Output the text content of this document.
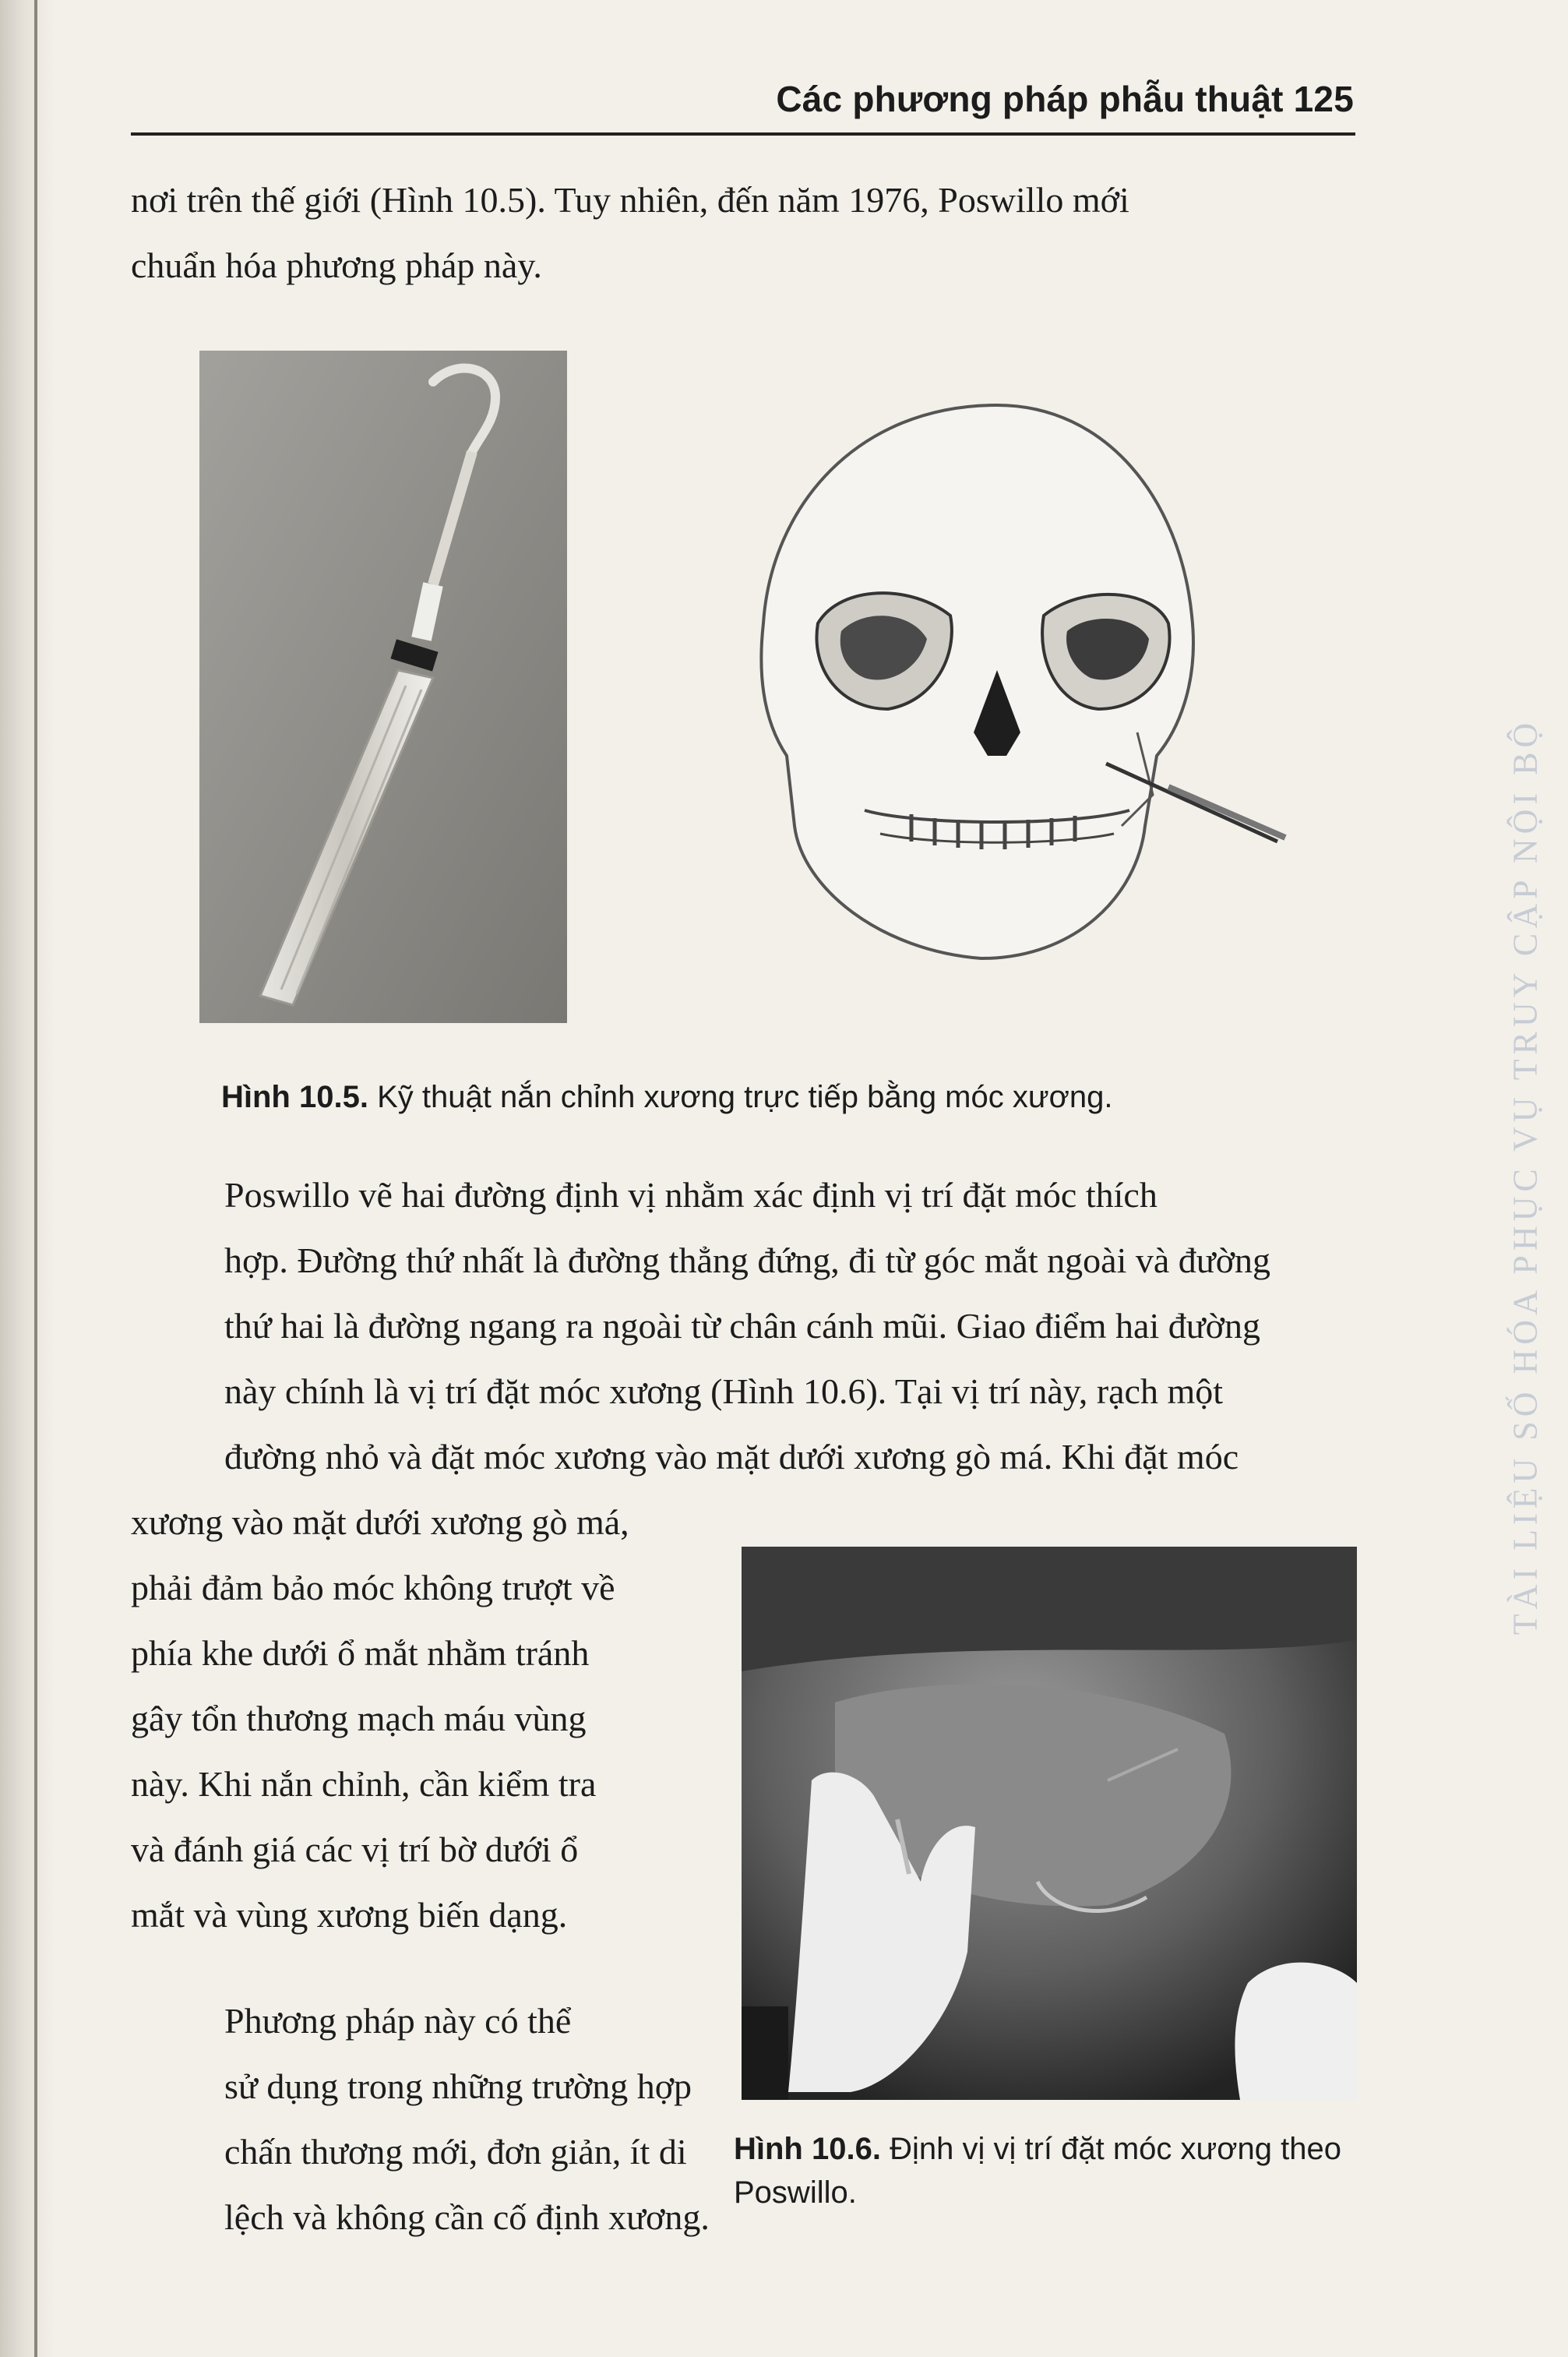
Các phương pháp phẫu thuật 125
nơi trên thế giới (Hình 10.5). Tuy nhiên, đến năm 1976, Poswillo mới
chuẩn hóa phương pháp này.
Hình 10.5. Kỹ thuật nắn chỉnh xương trực tiếp bằng móc xương.
Poswillo vẽ hai đường định vị nhằm xác định vị trí đặt móc thích
hợp. Đường thứ nhất là đường thẳng đứng, đi từ góc mắt ngoài và đường
thứ hai là đường ngang ra ngoài từ chân cánh mũi. Giao điểm hai đường
này chính là vị trí đặt móc xương (Hình 10.6). Tại vị trí này, rạch một
đường nhỏ và đặt móc xương vào mặt dưới xương gò má. Khi đặt móc
xương vào mặt dưới xương gò má,
phải đảm bảo móc không trượt về
phía khe dưới ổ mắt nhằm tránh
gây tổn thương mạch máu vùng
này. Khi nắn chỉnh, cần kiểm tra
và đánh giá các vị trí bờ dưới ổ
mắt và vùng xương biến dạng.
Phương pháp này có thể
sử dụng trong những trường hợp
chấn thương mới, đơn giản, ít di
lệch và không cần cố định xương.
Hình 10.6. Định vị vị trí đặt móc xương theo Poswillo.
TÀI LIỆU SỐ HÓA PHỤC VỤ TRUY CẬP NỘI BỘ
